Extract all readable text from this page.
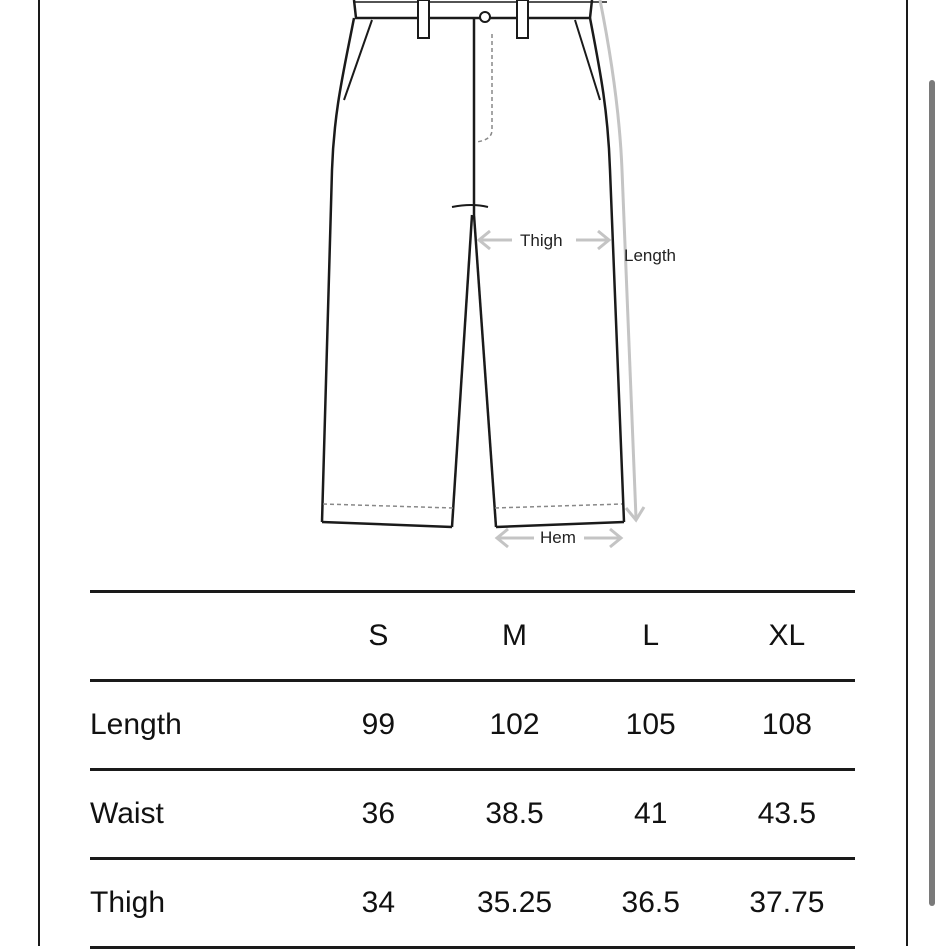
Thigh
Length
Hem
	S	M	L	XL
Length	99	102	105	108
Waist	36	38.5	41	43.5
Thigh	34	35.25	36.5	37.75
